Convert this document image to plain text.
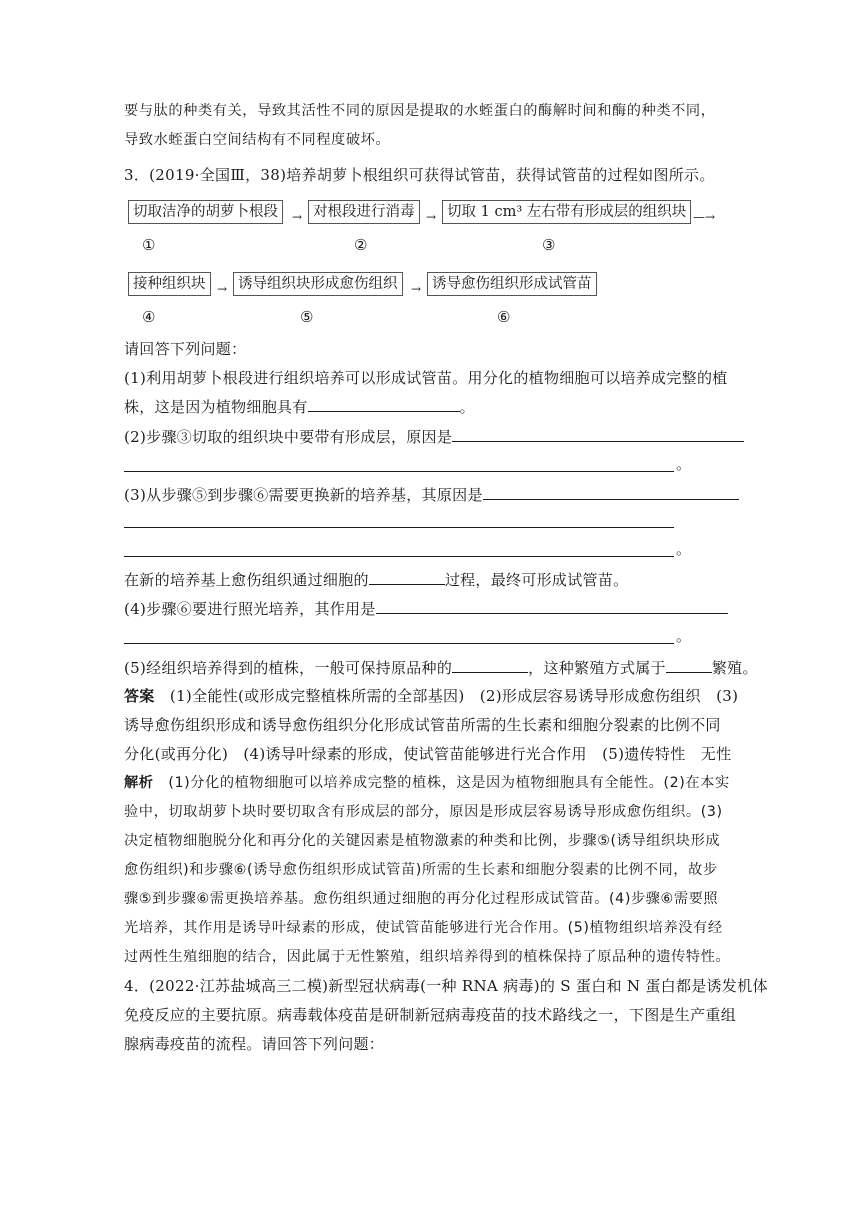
要与肽的种类有关，导致其活性不同的原因是提取的水蛭蛋白的酶解时间和酶的种类不同，
导致水蛭蛋白空间结构有不同程度破坏。
3．(2019·全国Ⅲ，38)培养胡萝卜根组织可获得试管苗，获得试管苗的过程如图所示。
切取洁净的胡萝卜根段	→ 对根段进行消毒 → 切取 1 cm³ 左右带有形成层的组织块 —→
①	②	③
接种组织块 → 诱导组织块形成愈伤组织	→ 诱导愈伤组织形成试管苗
④	⑤	⑥
请回答下列问题：
(1)利用胡萝卜根段进行组织培养可以形成试管苗。用分化的植物细胞可以培养成完整的植
株，这是因为植物细胞具有	。
(2)步骤③切取的组织块中要带有形成层，原因是
。
(3)从步骤⑤到步骤⑥需要更换新的培养基，其原因是
。
在新的培养基上愈伤组织通过细胞的	过程，最终可形成试管苗。
(4)步骤⑥要进行照光培养，其作用是
。
(5)经组织培养得到的植株，一般可保持原品种的	，这种繁殖方式属于	繁殖。
答案　 (1)全能性(或形成完整植株所需的全部基因)　(2)形成层容易诱导形成愈伤组织　(3)
诱导愈伤组织形成和诱导愈伤组织分化形成试管苗所需的生长素和细胞分裂素的比例不同
分化(或再分化)　(4)诱导叶绿素的形成，使试管苗能够进行光合作用　(5)遗传特性　无性
解析　 (1)分化的植物细胞可以培养成完整的植株，这是因为植物细胞具有全能性。(2)在本实
验中，切取胡萝卜块时要切取含有形成层的部分，原因是形成层容易诱导形成愈伤组织。(3)
决定植物细胞脱分化和再分化的关键因素是植物激素的种类和比例，步骤⑤(诱导组织块形成
愈伤组织)和步骤⑥(诱导愈伤组织形成试管苗)所需的生长素和细胞分裂素的比例不同，故步
骤⑤到步骤⑥需更换培养基。愈伤组织通过细胞的再分化过程形成试管苗。(4)步骤⑥需要照
光培养，其作用是诱导叶绿素的形成，使试管苗能够进行光合作用。(5)植物组织培养没有经
过两性生殖细胞的结合，因此属于无性繁殖，组织培养得到的植株保持了原品种的遗传特性。
4．(2022·江苏盐城高三二模)新型冠状病毒(一种 RNA 病毒)的 S 蛋白和 N 蛋白都是诱发机体
免疫反应的主要抗原。病毒载体疫苗是研制新冠病毒疫苗的技术路线之一，下图是生产重组
腺病毒疫苗的流程。请回答下列问题：
